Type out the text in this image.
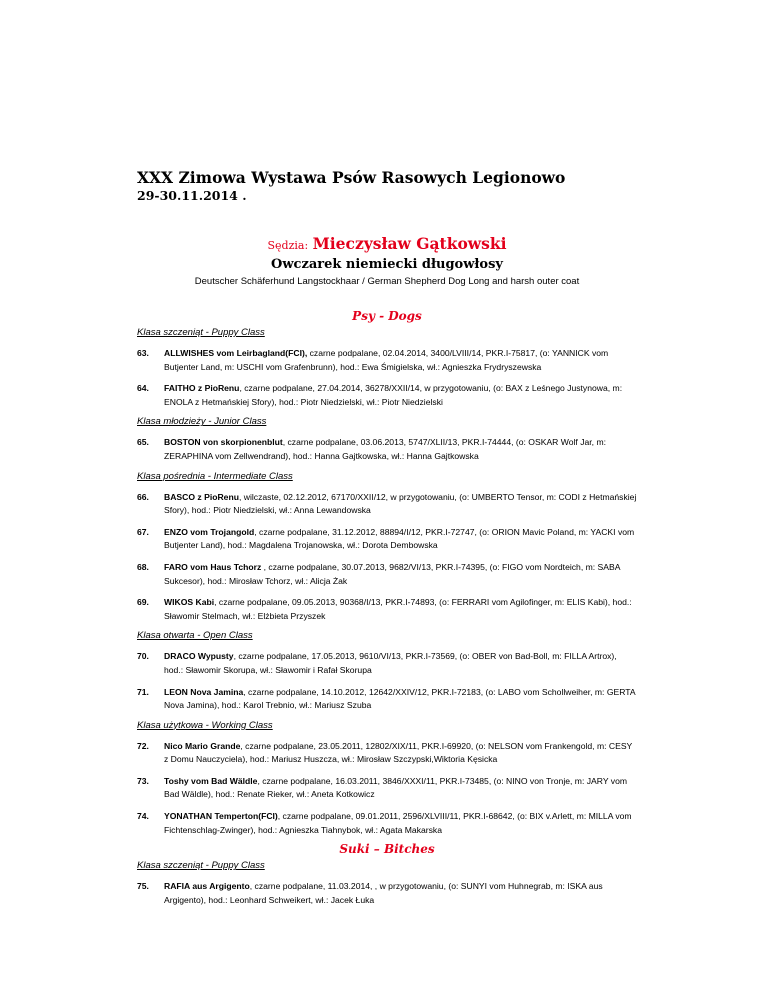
XXX Zimowa Wystawa Psów Rasowych Legionowo
29-30.11.2014 .
Sędzia: Mieczysław Gątkowski
Owczarek niemiecki długowłosy
Deutscher Schäferhund Langstockhaar / German Shepherd Dog Long and harsh outer coat
Psy - Dogs
Klasa szczeniąt - Puppy Class
63.	ALLWISHES vom Leirbagland(FCI), czarne podpalane, 02.04.2014, 3400/LVIII/14, PKR.I-75817, (o: YANNICK vom Butjenter Land, m: USCHI vom Grafenbrunn), hod.: Ewa Śmigielska, wł.: Agnieszka Frydryszewska
64.	FAITHO z PioRenu, czarne podpalane, 27.04.2014, 36278/XXII/14, w przygotowaniu, (o: BAX z Leśnego Justynowa, m: ENOLA z Hetmańskiej Sfory), hod.: Piotr Niedzielski, wł.: Piotr Niedzielski
Klasa młodzieży - Junior Class
65.	BOSTON von skorpionenblut, czarne podpalane, 03.06.2013, 5747/XLII/13, PKR.I-74444, (o: OSKAR Wolf Jar, m: ZERAPHINA vom Zellwendrand), hod.: Hanna Gajtkowska, wł.: Hanna Gajtkowska
Klasa pośrednia - Intermediate Class
66.	BASCO z PioRenu, wilczaste, 02.12.2012, 67170/XXII/12, w przygotowaniu, (o: UMBERTO Tensor, m: CODI z Hetmańskiej Sfory), hod.: Piotr Niedzielski, wł.: Anna Lewandowska
67.	ENZO vom Trojangold, czarne podpalane, 31.12.2012, 88894/I/12, PKR.I-72747, (o: ORION Mavic Poland, m: YACKI vom Butjenter Land), hod.: Magdalena Trojanowska, wł.: Dorota Dembowska
68.	FARO vom Haus Tchorz , czarne podpalane, 30.07.2013, 9682/VI/13, PKR.I-74395, (o: FIGO vom Nordteich, m: SABA Sukcesor), hod.: Mirosław Tchorz, wł.: Alicja Żak
69.	WIKOS Kabi, czarne podpalane, 09.05.2013, 90368/I/13, PKR.I-74893, (o: FERRARI vom Agilofinger, m: ELIS Kabi), hod.: Sławomir Stelmach, wł.: Elżbieta Przyszek
Klasa otwarta - Open Class
70.	DRACO Wypusty, czarne podpalane, 17.05.2013, 9610/VI/13, PKR.I-73569, (o: OBER von Bad-Boll, m: FILLA Artrox), hod.: Sławomir Skorupa, wł.: Sławomir i Rafał Skorupa
71.	LEON Nova Jamina, czarne podpalane, 14.10.2012, 12642/XXIV/12, PKR.I-72183, (o: LABO vom Schollweiher, m: GERTA Nova Jamina), hod.: Karol Trebnio, wł.: Mariusz Szuba
Klasa użytkowa - Working Class
72.	Nico Mario Grande, czarne podpalane, 23.05.2011, 12802/XIX/11, PKR.I-69920, (o: NELSON vom Frankengold, m: CESY z Domu Nauczyciela), hod.: Mariusz Huszcza, wł.: Mirosław Szczypski,Wiktoria Kęsicka
73.	Toshy vom Bad Wäldle, czarne podpalane, 16.03.2011, 3846/XXXI/11, PKR.I-73485, (o: NINO von Tronje, m: JARY vom Bad Wäldle), hod.: Renate Rieker, wł.: Aneta Kotkowicz
74.	YONATHAN Temperton(FCI), czarne podpalane, 09.01.2011, 2596/XLVIII/11, PKR.I-68642, (o: BIX v.Arlett, m: MILLA vom Fichtenschlag-Zwinger), hod.: Agnieszka Tiahnybok, wł.: Agata Makarska
Suki – Bitches
Klasa szczeniąt - Puppy Class
75.	RAFIA aus Argigento, czarne podpalane, 11.03.2014, , w przygotowaniu, (o: SUNYI vom Huhnegrab, m: ISKA aus Argigento), hod.: Leonhard Schweikert, wł.: Jacek Łuka
